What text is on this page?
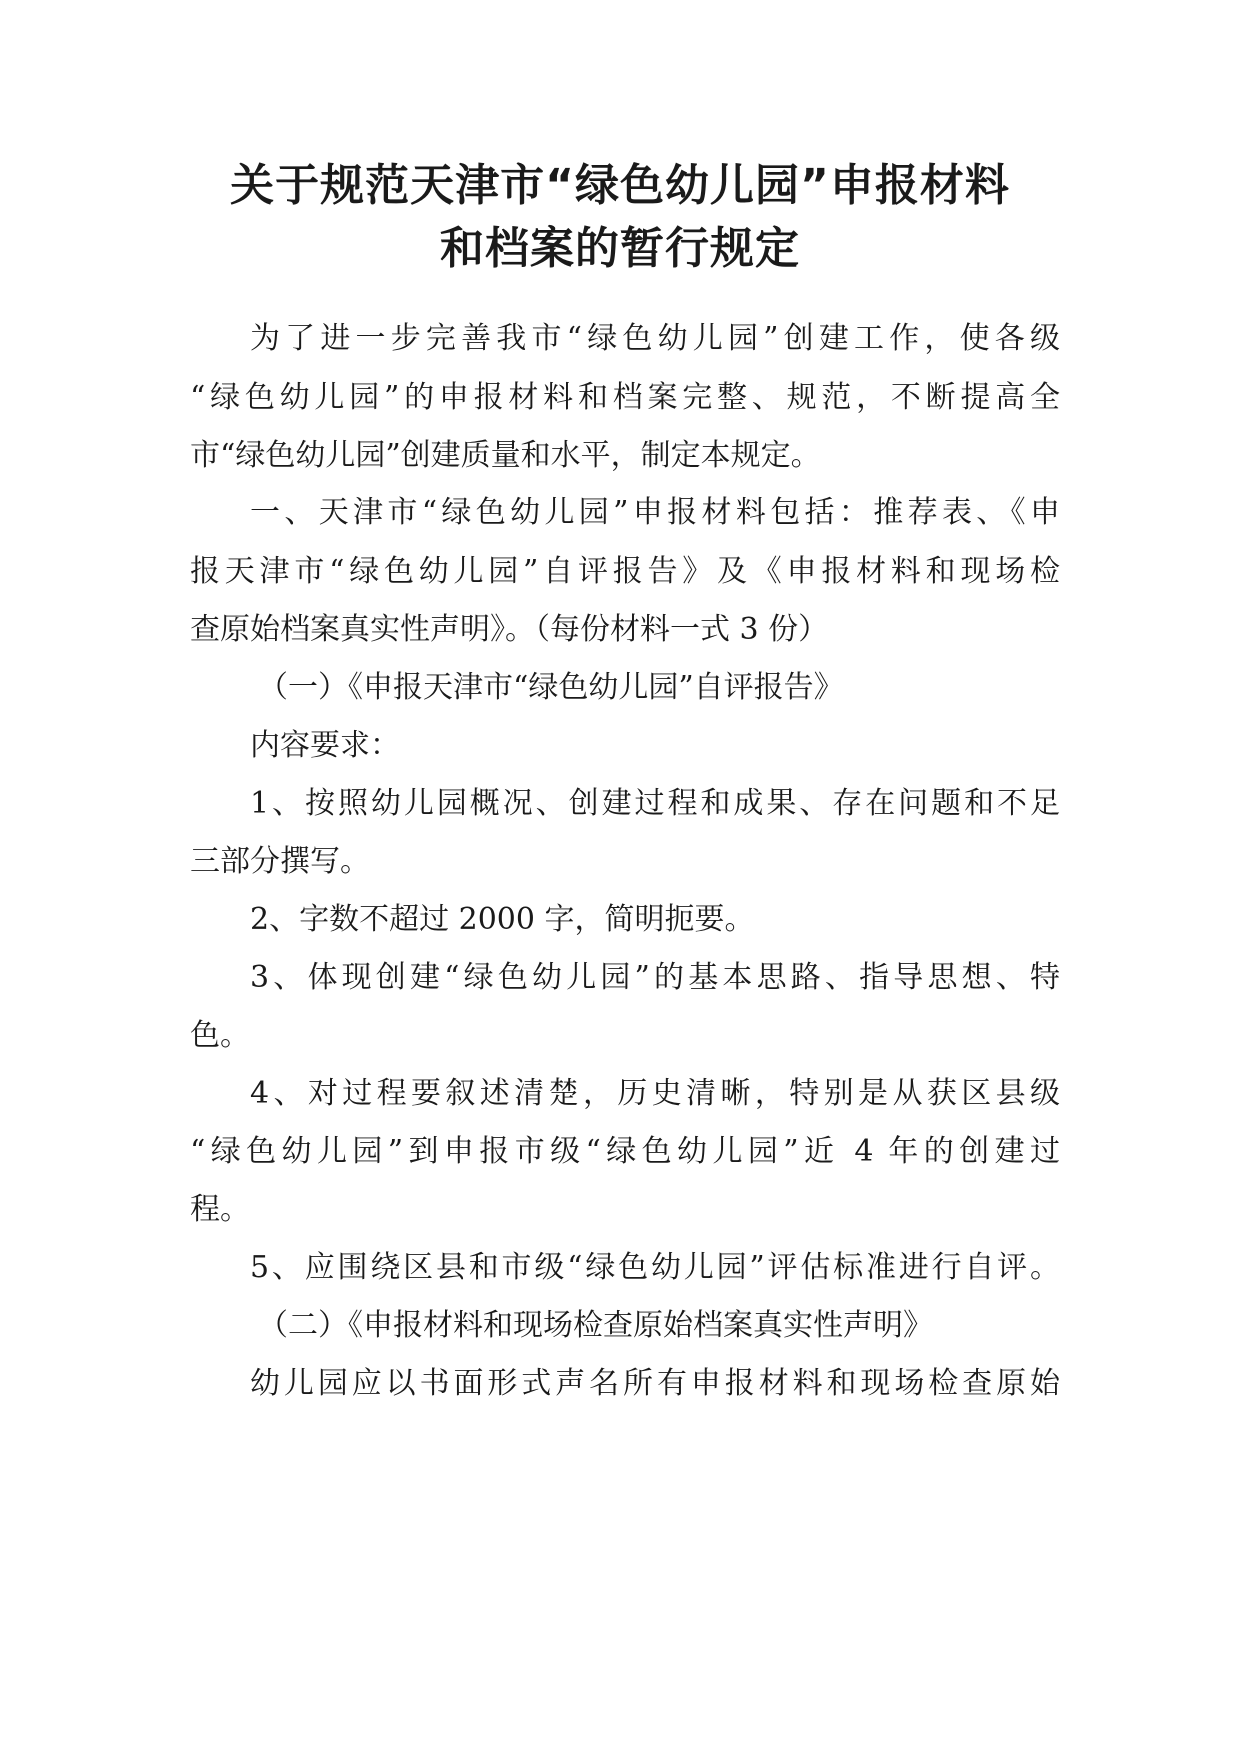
关于规范天津市“绿色幼儿园”申报材料
和档案的暂行规定
为了进一步完善我市“绿色幼儿园”创建工作，使各级
“绿色幼儿园”的申报材料和档案完整、规范，不断提高全
市“绿色幼儿园”创建质量和水平，制定本规定。
一、天津市“绿色幼儿园”申报材料包括：推荐表、《申
报天津市“绿色幼儿园”自评报告》及《申报材料和现场检
查原始档案真实性声明》。（每份材料一式 3 份）
（一）《申报天津市“绿色幼儿园”自评报告》
内容要求：
1、按照幼儿园概况、创建过程和成果、存在问题和不足
三部分撰写。
2、字数不超过 2000 字，简明扼要。
3、体现创建“绿色幼儿园”的基本思路、指导思想、特
色。
4、对过程要叙述清楚，历史清晰，特别是从获区县级
“绿色幼儿园”到申报市级“绿色幼儿园”近 4 年的创建过
程。
5、应围绕区县和市级“绿色幼儿园”评估标准进行自评。
（二）《申报材料和现场检查原始档案真实性声明》
幼儿园应以书面形式声名所有申报材料和现场检查原始
